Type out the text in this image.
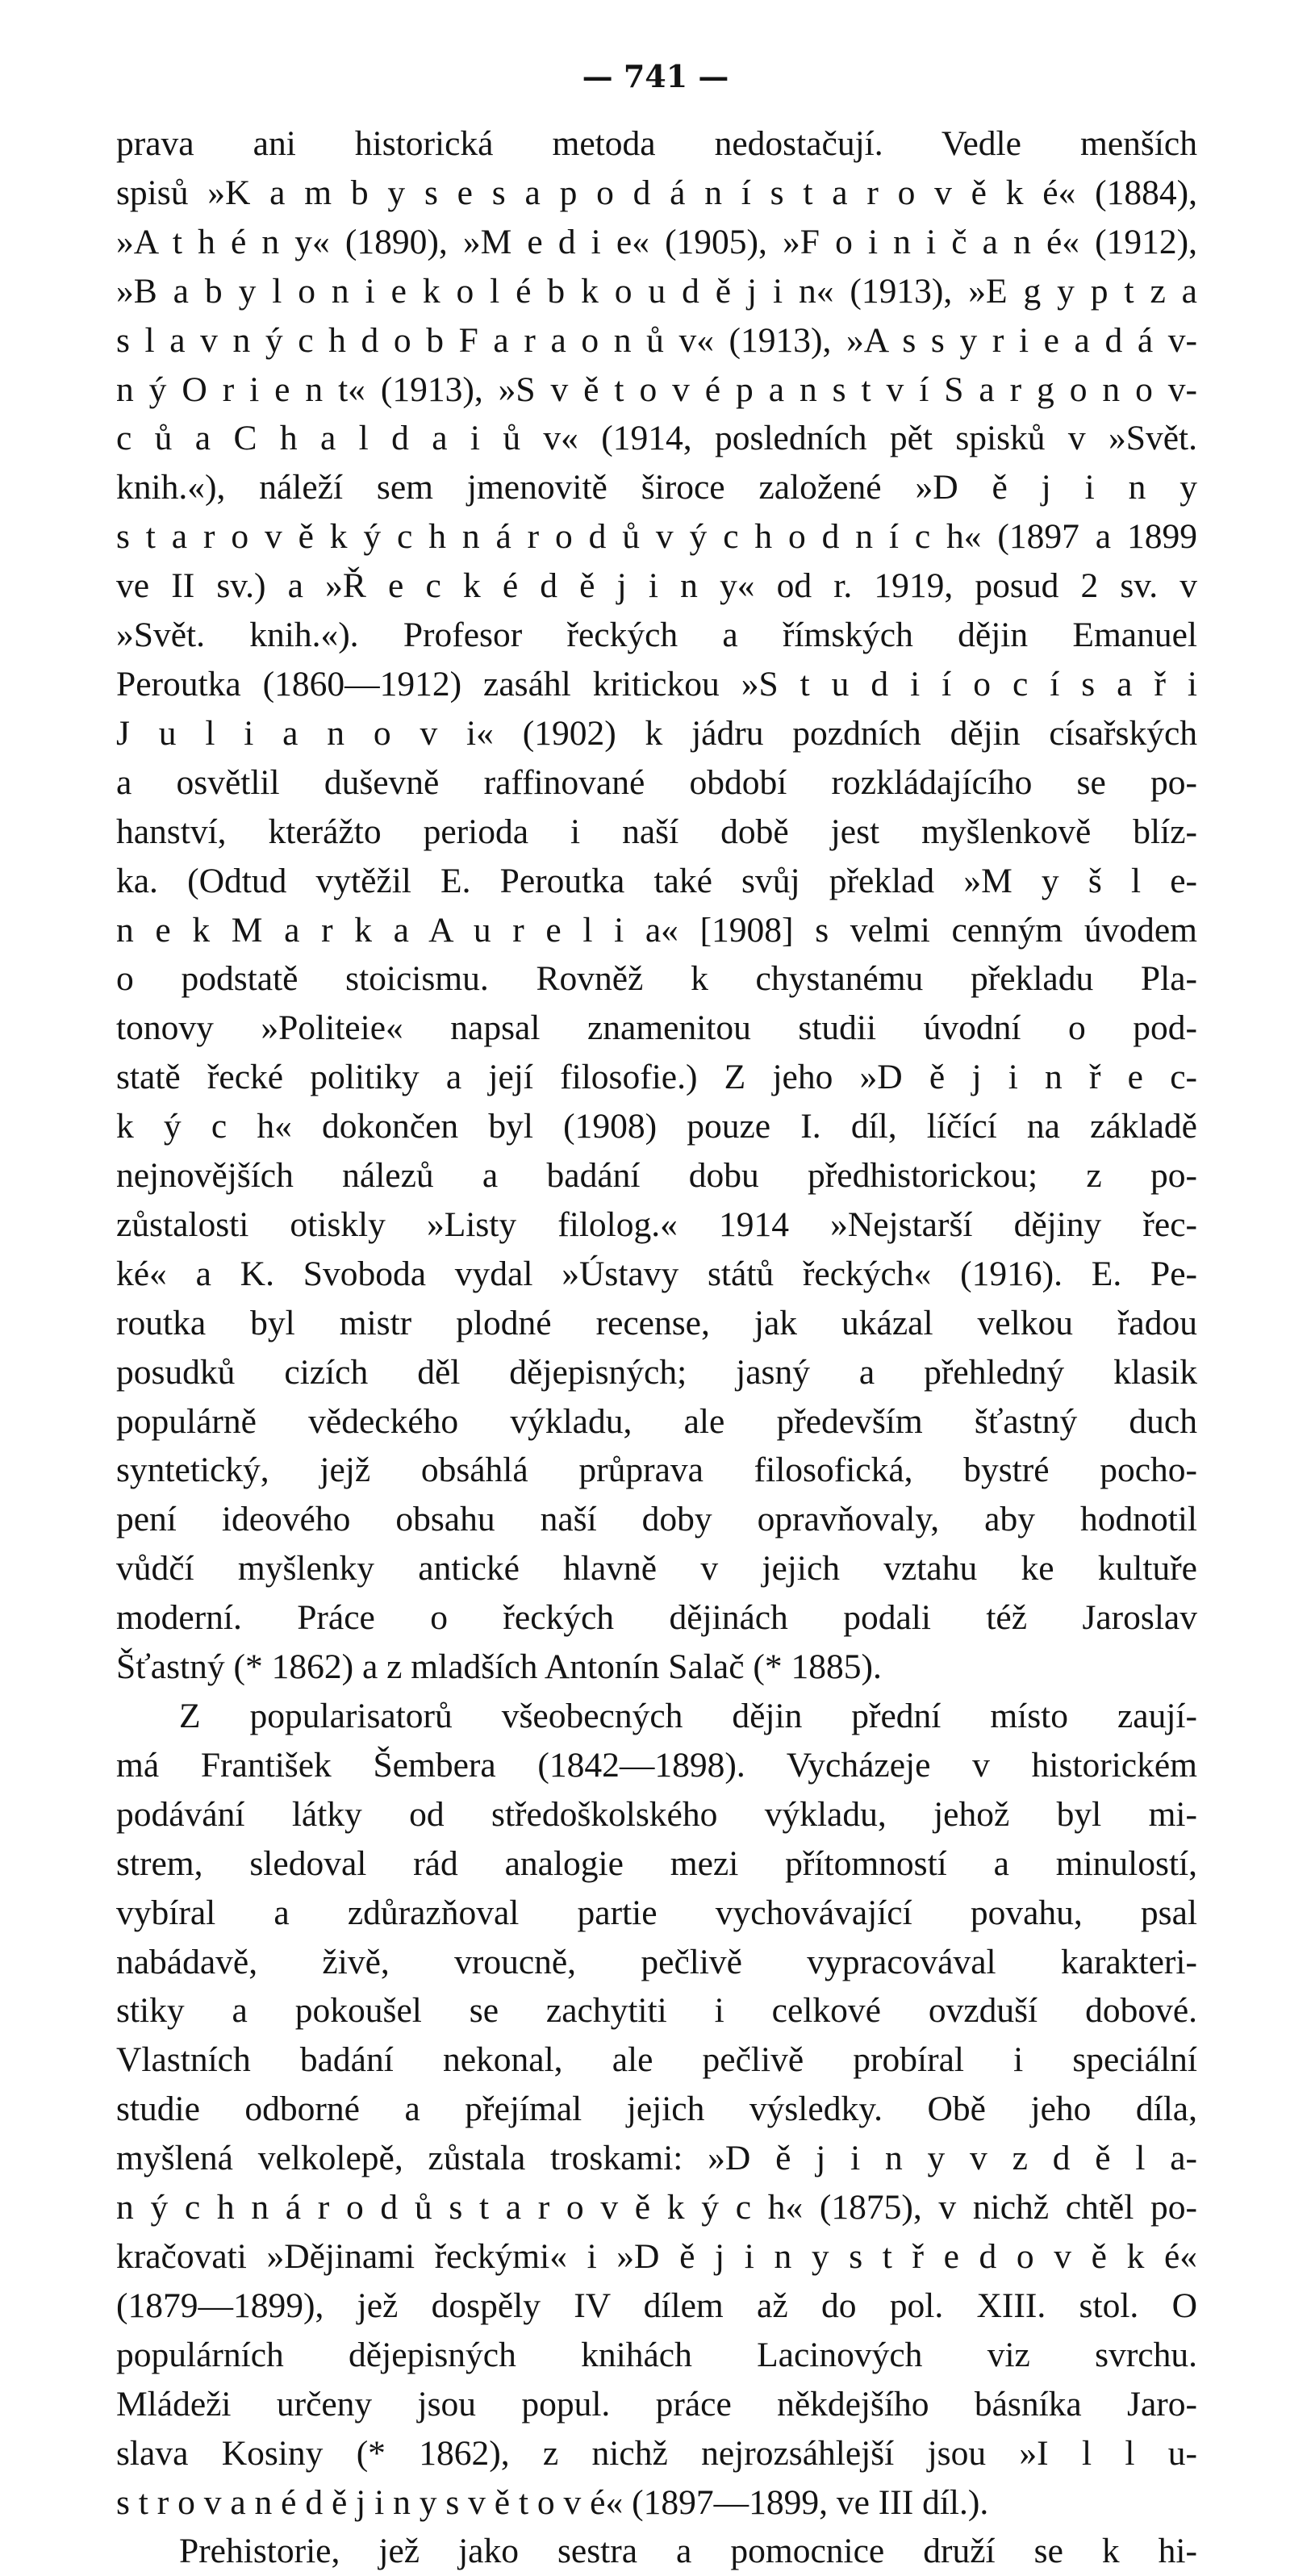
— 741 —
prava ani historická metoda nedostačují. Vedle menších
spisů »K a m b y s e s a p o d á n í s t a r o v ě k é« (1884),
»A t h é n y« (1890), »M e d i e« (1905), »F o i n i č a n é« (1912),
»B a b y l o n i e k o l é b k o u d ě j i n« (1913), »E g y p t z a
s l a v n ý c h d o b F a r a o n ů v« (1913), »A s s y r i e a d á v-
n ý O r i e n t« (1913), »S v ě t o v é p a n s t v í S a r g o n o v-
c ů a C h a l d a i ů v« (1914, posledních pět spisků v »Svět.
knih.«), náleží sem jmenovitě široce založené »D ě j i n y
s t a r o v ě k ý c h n á r o d ů v ý c h o d n í c h« (1897 a 1899
ve II sv.) a »Ř e c k é d ě j i n y« od r. 1919, posud 2 sv. v
»Svět. knih.«). Profesor řeckých a římských dějin Emanuel
Peroutka (1860—1912) zasáhl kritickou »S t u d i í o c í s a ř i
J u l i a n o v i« (1902) k jádru pozdních dějin císařských
a osvětlil duševně raffinované období rozkládajícího se po-
hanství, kterážto perioda i naší době jest myšlenkově blíz-
ka. (Odtud vytěžil E. Peroutka také svůj překlad »M y š l e-
n e k M a r k a A u r e l i a« [1908] s velmi cenným úvodem
o podstatě stoicismu. Rovněž k chystanému překladu Pla-
tonovy »Politeie« napsal znamenitou studii úvodní o pod-
statě řecké politiky a její filosofie.) Z jeho »D ě j i n ř e c-
k ý c h« dokončen byl (1908) pouze I. díl, líčící na základě
nejnovějších nálezů a badání dobu předhistorickou; z po-
zůstalosti otiskly »Listy filolog.« 1914 »Nejstarší dějiny řec-
ké« a K. Svoboda vydal »Ústavy států řeckých« (1916). E. Pe-
routka byl mistr plodné recense, jak ukázal velkou řadou
posudků cizích děl dějepisných; jasný a přehledný klasik
populárně vědeckého výkladu, ale především šťastný duch
syntetický, jejž obsáhlá průprava filosofická, bystré pocho-
pení ideového obsahu naší doby opravňovaly, aby hodnotil
vůdčí myšlenky antické hlavně v jejich vztahu ke kultuře
moderní. Práce o řeckých dějinách podali též Jaroslav
Šťastný (* 1862) a z mladších Antonín Salač (* 1885).
Z popularisatorů všeobecných dějin přední místo zaují-
má František Šembera (1842—1898). Vycházeje v historickém
podávání látky od středoškolského výkladu, jehož byl mi-
strem, sledoval rád analogie mezi přítomností a minulostí,
vybíral a zdůrazňoval partie vychovávající povahu, psal
nabádavě, živě, vroucně, pečlivě vypracovával karakteri-
stiky a pokoušel se zachytiti i celkové ovzduší dobové.
Vlastních badání nekonal, ale pečlivě probíral i speciální
studie odborné a přejímal jejich výsledky. Obě jeho díla,
myšlená velkolepě, zůstala troskami: »D ě j i n y v z d ě l a-
n ý c h n á r o d ů s t a r o v ě k ý c h« (1875), v nichž chtěl po-
kračovati »Dějinami řeckými« i »D ě j i n y s t ř e d o v ě k é«
(1879—1899), jež dospěly IV dílem až do pol. XIII. stol. O
populárních dějepisných knihách Lacinových viz svrchu.
Mládeži určeny jsou popul. práce někdejšího básníka Jaro-
slava Kosiny (* 1862), z nichž nejrozsáhlejší jsou »I l l u-
s t r o v a n é d ě j i n y s v ě t o v é« (1897—1899, ve III díl.).
Prehistorie, jež jako sestra a pomocnice druží se k hi-
